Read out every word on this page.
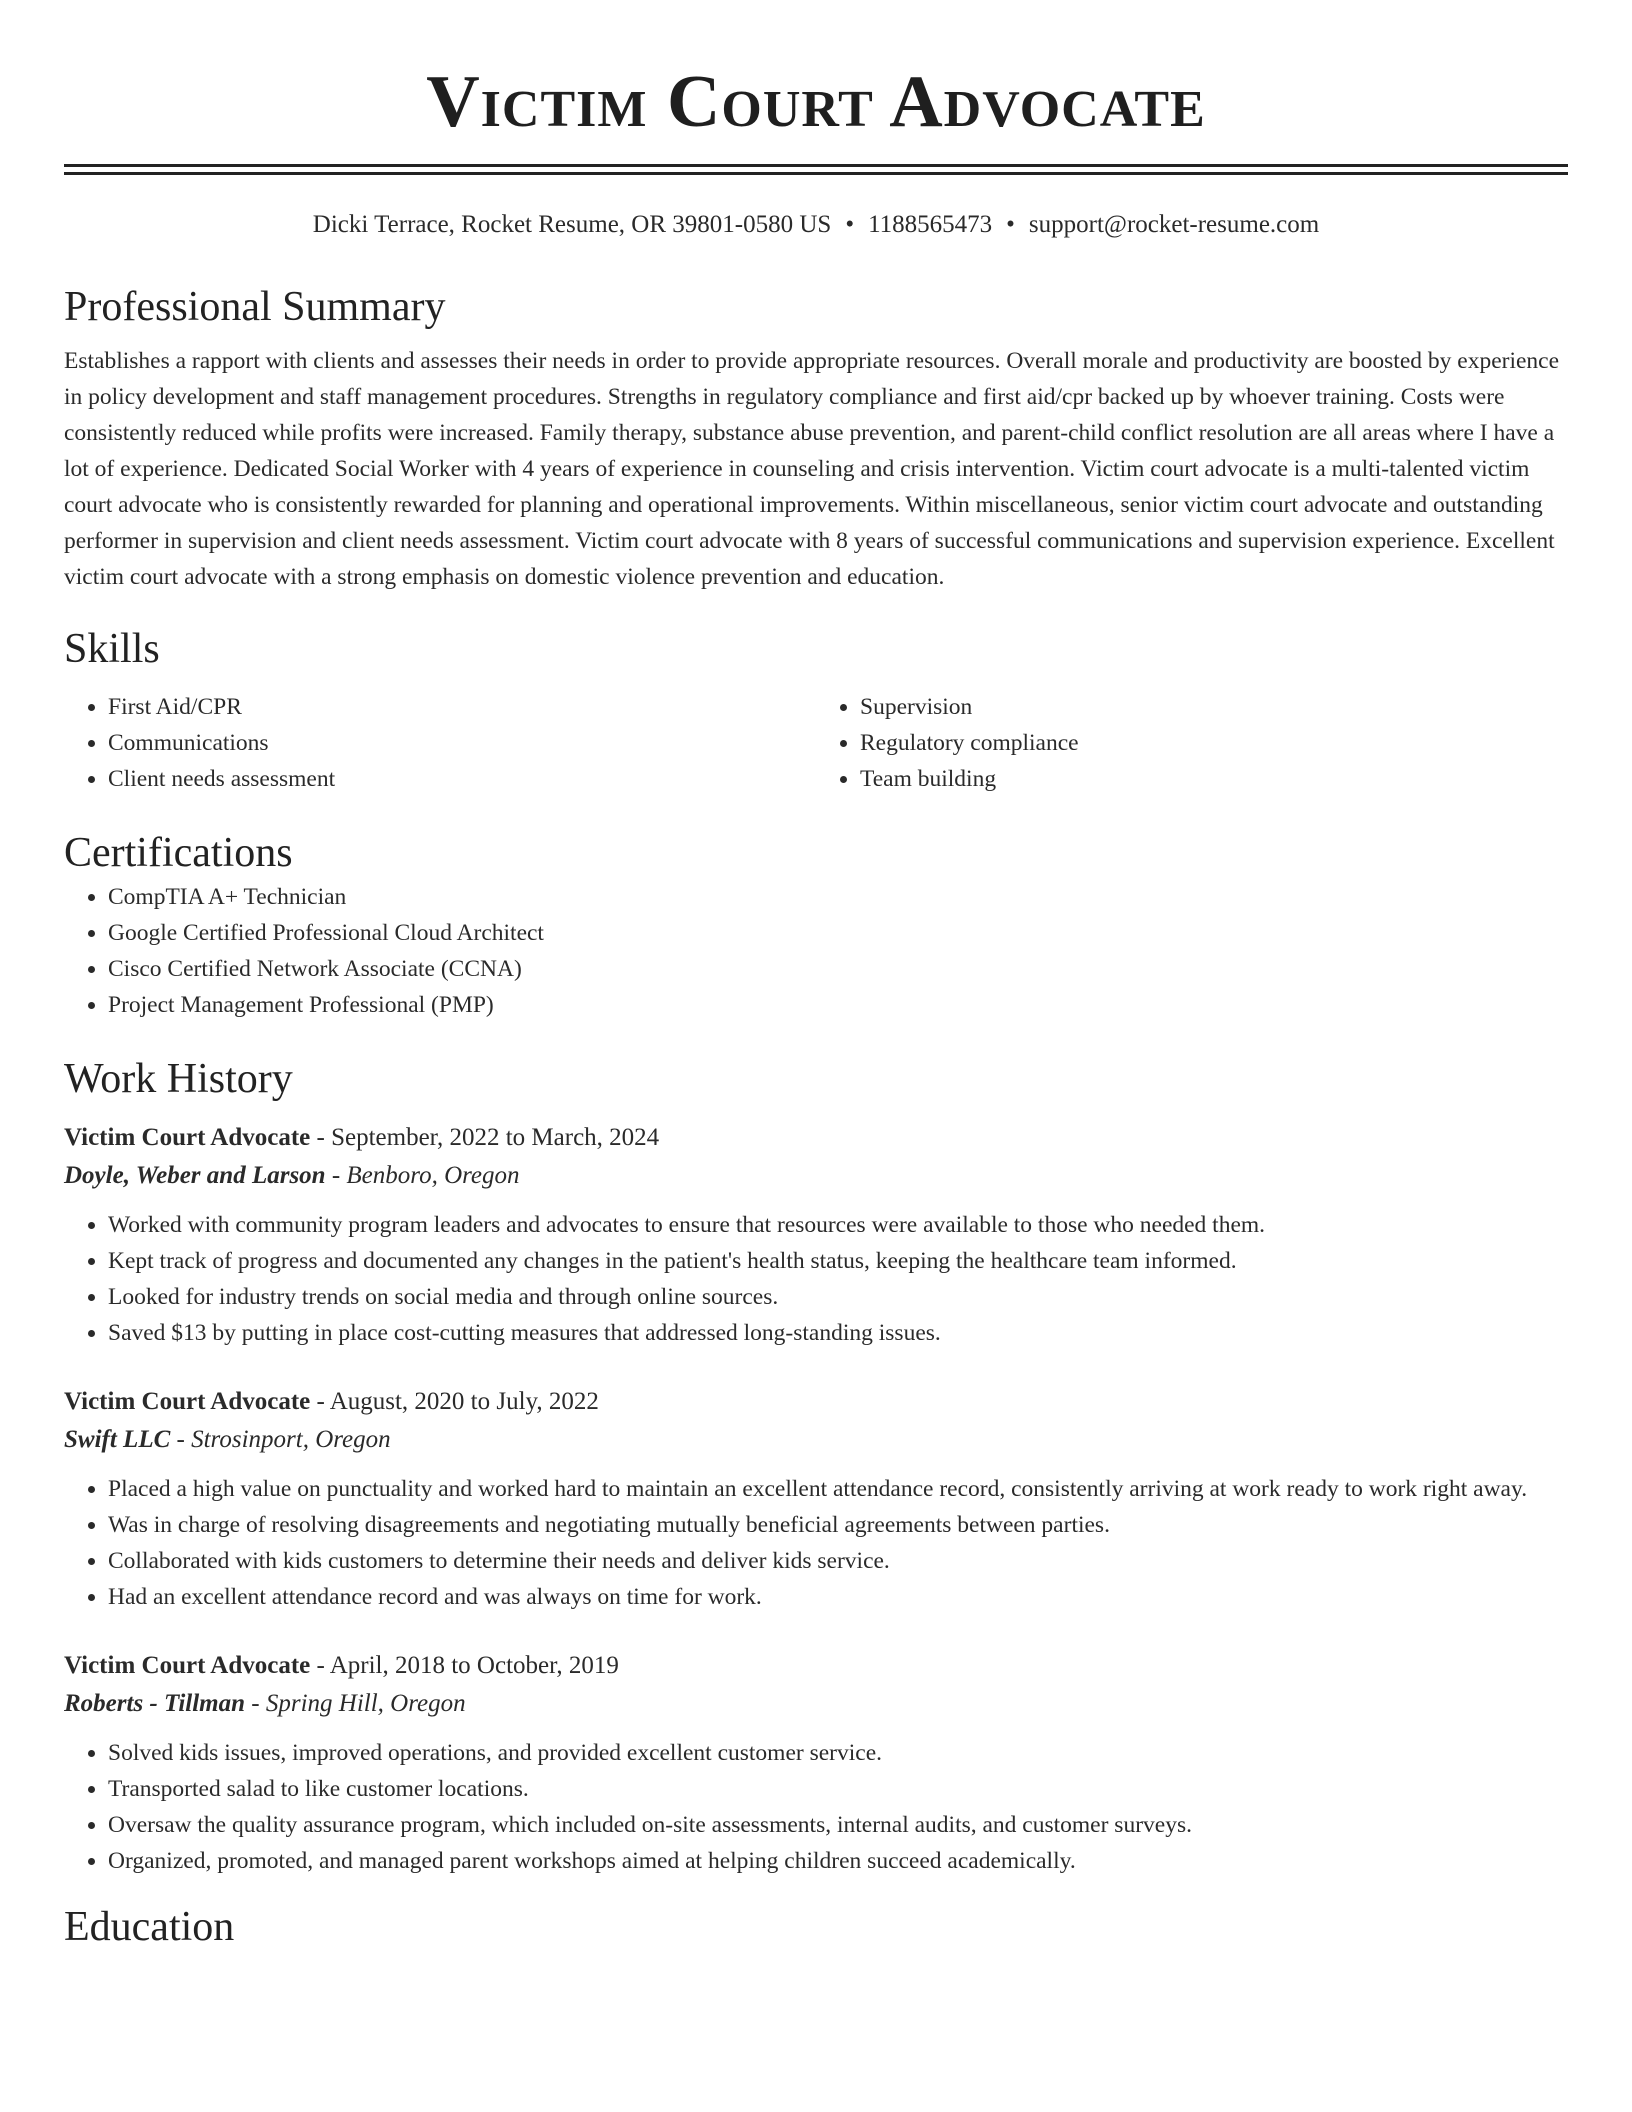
Victim Court Advocate
Dicki Terrace, Rocket Resume, OR 39801-0580 US • 1188565473 • support@rocket-resume.com
Professional Summary

Establishes a rapport with clients and assesses their needs in order to provide appropriate resources. Overall morale and productivity are boosted by experience in policy development and staff management procedures. Strengths in regulatory compliance and first aid/cpr backed up by whoever training. Costs were consistently reduced while profits were increased. Family therapy, substance abuse prevention, and parent-child conflict resolution are all areas where I have a lot of experience. Dedicated Social Worker with 4 years of experience in counseling and crisis intervention. Victim court advocate is a multi-talented victim court advocate who is consistently rewarded for planning and operational improvements. Within miscellaneous, senior victim court advocate and outstanding performer in supervision and client needs assessment. Victim court advocate with 8 years of successful communications and supervision experience. Excellent victim court advocate with a strong emphasis on domestic violence prevention and education.

Skills
• First Aid/CPR
• Communications
• Client needs assessment
• Supervision
• Regulatory compliance
• Team building
Certifications
• CompTIA A+ Technician
• Google Certified Professional Cloud Architect
• Cisco Certified Network Associate (CCNA)
• Project Management Professional (PMP)
Work History
Victim Court Advocate - September, 2022 to March, 2024
Doyle, Weber and Larson - Benboro, Oregon
• Worked with community program leaders and advocates to ensure that resources were available to those who needed them.
• Kept track of progress and documented any changes in the patient's health status, keeping the healthcare team informed.
• Looked for industry trends on social media and through online sources.
• Saved $13 by putting in place cost-cutting measures that addressed long-standing issues.
Victim Court Advocate - August, 2020 to July, 2022
Swift LLC - Strosinport, Oregon
• Placed a high value on punctuality and worked hard to maintain an excellent attendance record, consistently arriving at work ready to work right away.
• Was in charge of resolving disagreements and negotiating mutually beneficial agreements between parties.
• Collaborated with kids customers to determine their needs and deliver kids service.
• Had an excellent attendance record and was always on time for work.
Victim Court Advocate - April, 2018 to October, 2019
Roberts - Tillman - Spring Hill, Oregon
• Solved kids issues, improved operations, and provided excellent customer service.
• Transported salad to like customer locations.
• Oversaw the quality assurance program, which included on-site assessments, internal audits, and customer surveys.
• Organized, promoted, and managed parent workshops aimed at helping children succeed academically.
Education
